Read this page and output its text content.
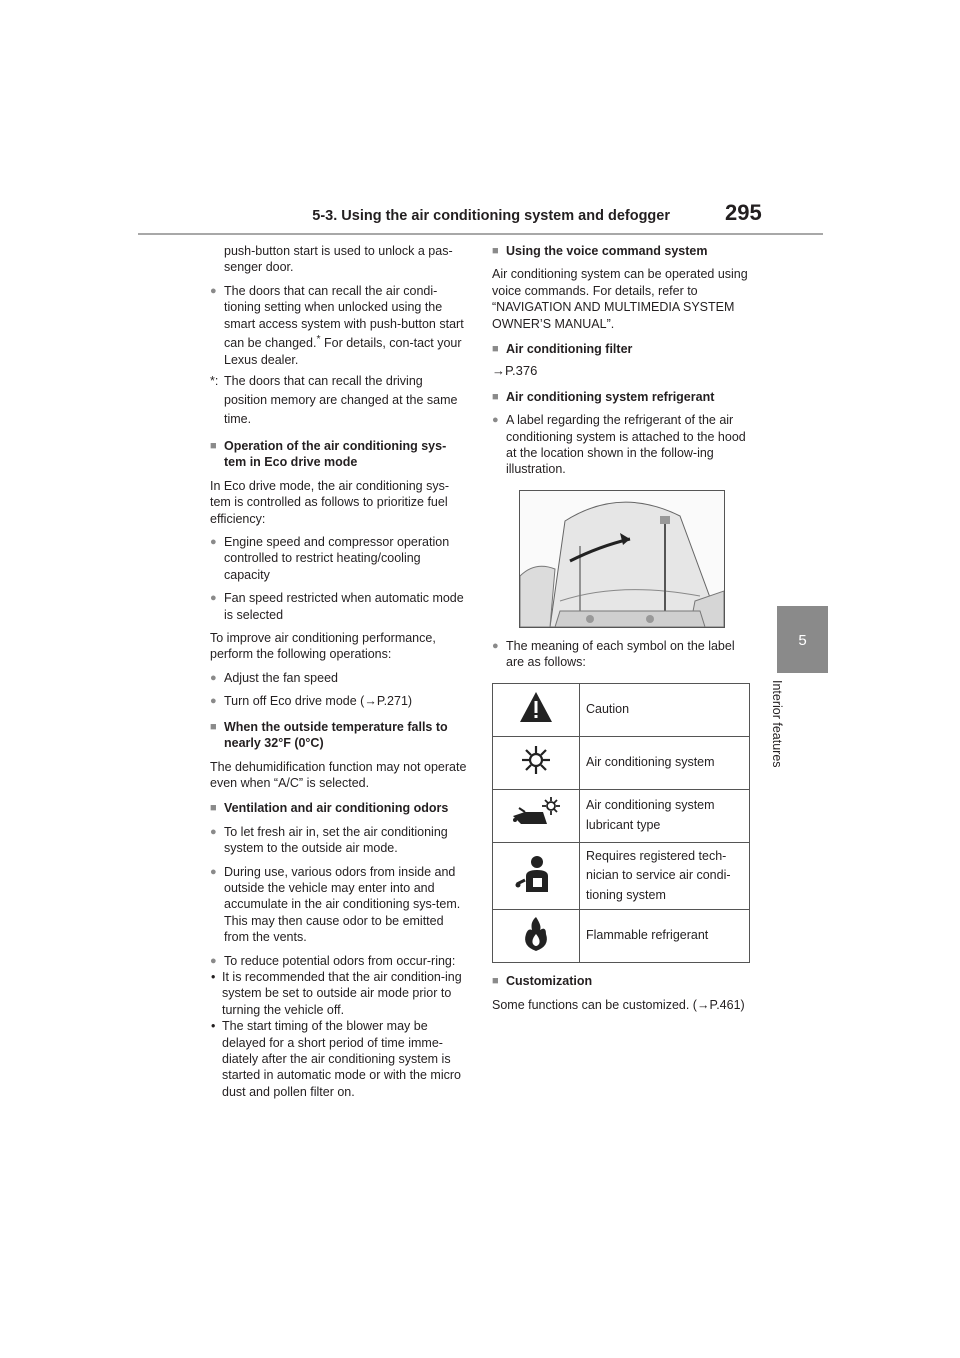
5-3. Using the air conditioning system and defogger	295
5
Interior features

push-button start is used to unlock a pas-senger door.

● The doors that can recall the air condi-tioning setting when unlocked using the smart access system with push-button start can be changed.* For details, con-tact your Lexus dealer.
*: The doors that can recall the driving position memory are changed at the same time.
■ Operation of the air conditioning sys-tem in Eco drive mode

In Eco drive mode, the air conditioning sys-tem is controlled as follows to prioritize fuel efficiency:

● Engine speed and compressor operation controlled to restrict heating/cooling capacity
● Fan speed restricted when automatic mode is selected

To improve air conditioning performance, perform the following operations:

● Adjust the fan speed
● Turn off Eco drive mode (→P.271)
■ When the outside temperature falls to nearly 32°F (0°C)

The dehumidification function may not operate even when “A/C” is selected.

■ Ventilation and air conditioning odors
● To let fresh air in, set the air conditioning system to the outside air mode.
● During use, various odors from inside and outside the vehicle may enter into and accumulate in the air conditioning sys-tem. This may then cause odor to be emitted from the vents.
● To reduce potential odors from occur-ring:
• It is recommended that the air condition-ing system be set to outside air mode prior to turning the vehicle off.
• The start timing of the blower may be delayed for a short period of time imme-diately after the air conditioning system is started in automatic mode or with the micro dust and pollen filter on.
■ Using the voice command system

Air conditioning system can be operated using voice commands. For details, refer to “NAVIGATION AND MULTIMEDIA SYSTEM OWNER’S MANUAL”.

■ Air conditioning filter

→P.376

■ Air conditioning system refrigerant
● A label regarding the refrigerant of the air conditioning system is attached to the hood at the location shown in the follow-ing illustration.
● The meaning of each symbol on the label are as follows:
	Caution
	Air conditioning system
	Air conditioning system lubricant type
	Requires registered tech-nician to service air condi-tioning system
	Flammable refrigerant
■ Customization

Some functions can be customized. (→P.461)
